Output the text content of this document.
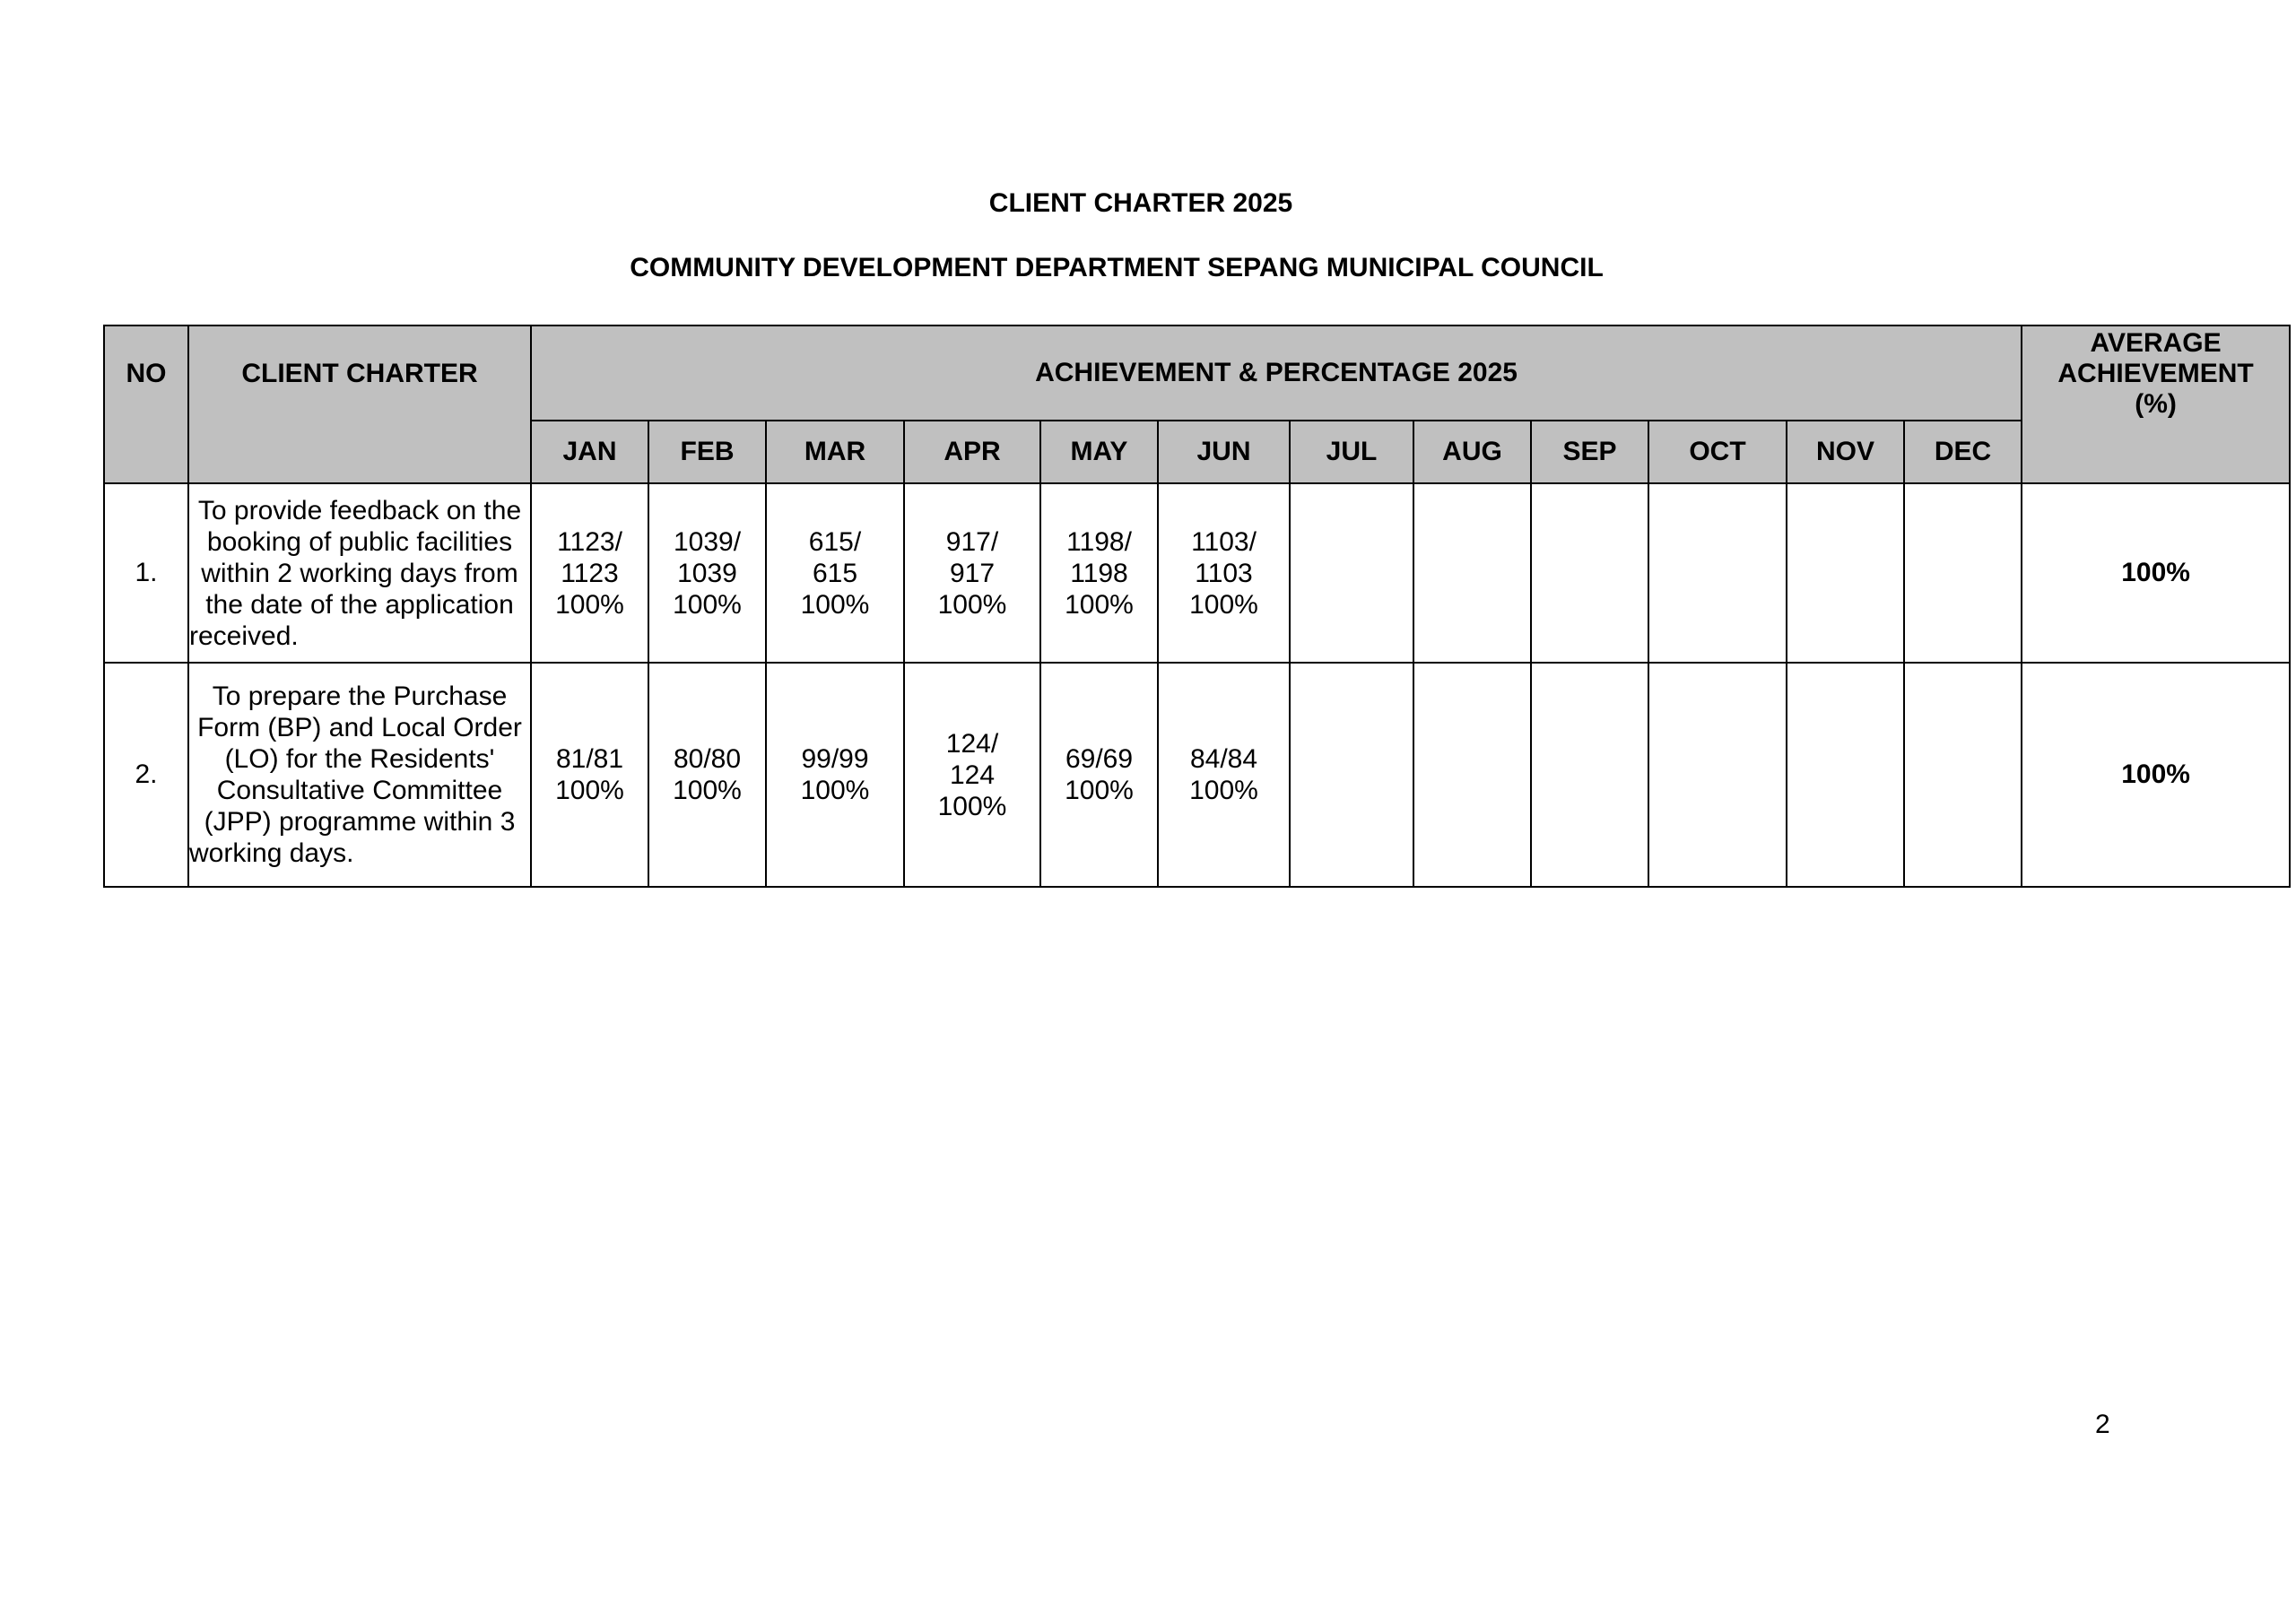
CLIENT CHARTER 2025
COMMUNITY DEVELOPMENT DEPARTMENT SEPANG MUNICIPAL COUNCIL
NO	CLIENT CHARTER	ACHIEVEMENT & PERCENTAGE 2025												AVERAGE ACHIEVEMENT (%)
		JAN	FEB	MAR	APR	MAY	JUN	JUL	AUG	SEP	OCT	NOV	DEC	
1.	To provide feedback on the booking of public facilities within 2 working days from the date of the application received.	1123/
1123
100%	1039/
1039
100%	615/
615
100%	917/
917
100%	1198/
1198
100%	1103/
1103
100%							100%
2.	To prepare the Purchase Form (BP) and Local Order (LO) for the Residents' Consultative Committee (JPP) programme within 3 working days.	81/81
100%	80/80
100%	99/99
100%	124/
124
100%	69/69
100%	84/84
100%							100%
2
